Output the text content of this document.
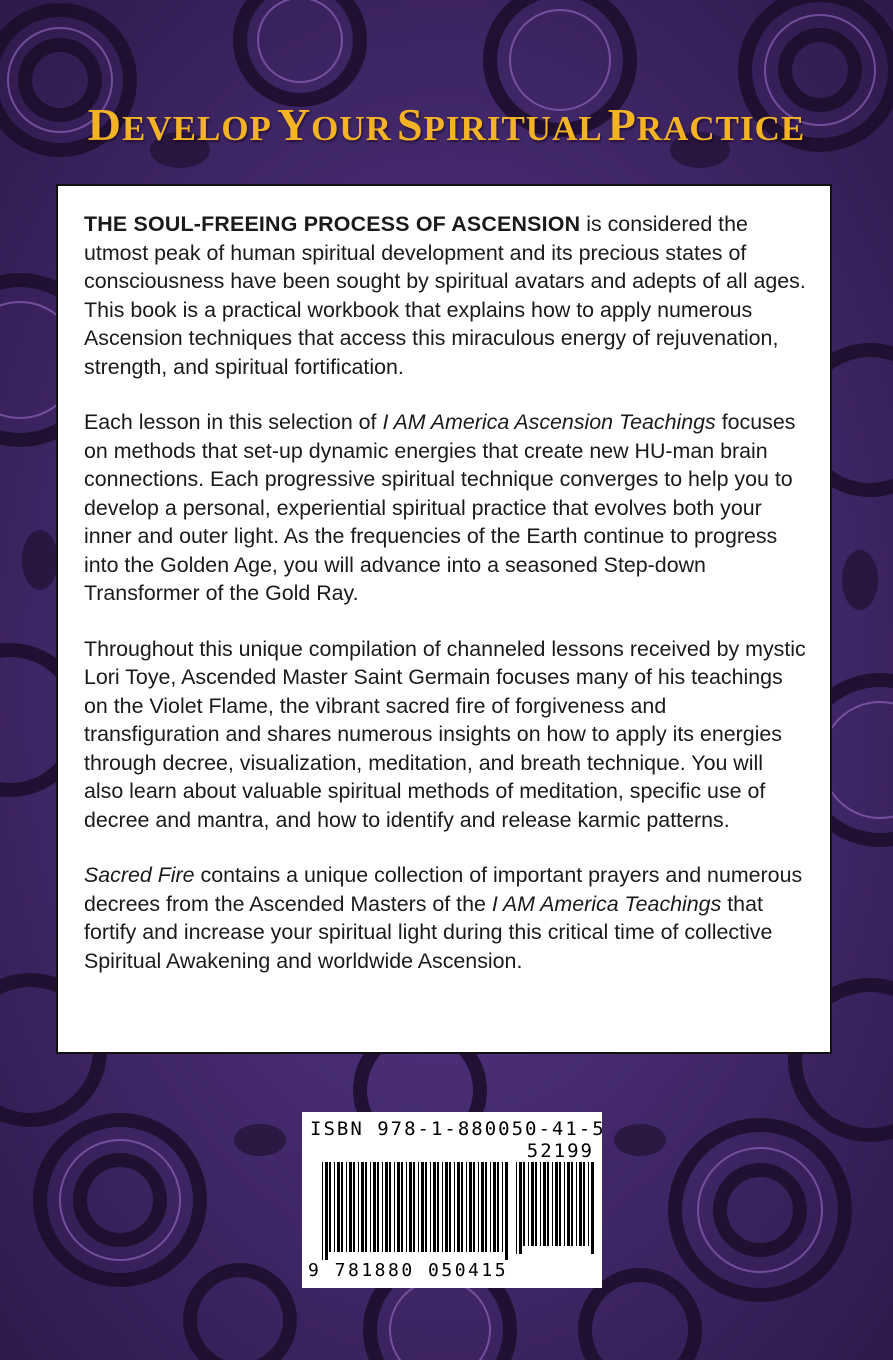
DEVELOP YOUR SPIRITUAL PRACTICE

THE SOUL-FREEING PROCESS OF ASCENSION is considered the utmost peak of human spiritual development and its precious states of consciousness have been sought by spiritual avatars and adepts of all ages. This book is a practical workbook that explains how to apply numerous Ascension techniques that access this miraculous energy of rejuvenation, strength, and spiritual fortification.

Each lesson in this selection of I AM America Ascension Teachings focuses on methods that set-up dynamic energies that create new HU-man brain connections. Each progressive spiritual technique converges to help you to develop a personal, experiential spiritual practice that evolves both your inner and outer light. As the frequencies of the Earth continue to progress into the Golden Age, you will advance into a seasoned Step-down Transformer of the Gold Ray.

Throughout this unique compilation of channeled lessons received by mystic Lori Toye, Ascended Master Saint Germain focuses many of his teachings on the Violet Flame, the vibrant sacred fire of forgiveness and transfiguration and shares numerous insights on how to apply its energies through decree, visualization, meditation, and breath technique. You will also learn about valuable spiritual methods of meditation, specific use of decree and mantra, and how to identify and release karmic patterns.

Sacred Fire contains a unique collection of important prayers and numerous decrees from the Ascended Masters of the I AM America Teachings that fortify and increase your spiritual light during this critical time of collective Spiritual Awakening and worldwide Ascension.

ISBN 978-1-880050-41-5
52199
9 781880 050415
